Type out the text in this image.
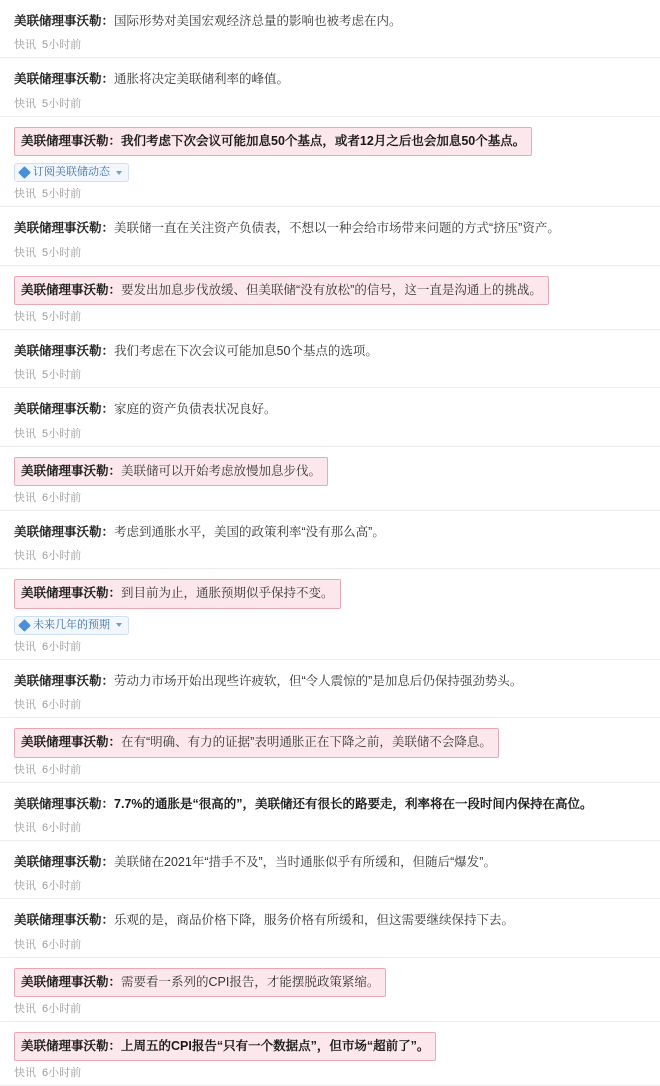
美联储理事沃勒：国际形势对美国宏观经济总量的影响也被考虑在内。
快讯 5小时前
美联储理事沃勒：通胀将决定美联储利率的峰值。
快讯 5小时前
美联储理事沃勒：我们考虑下次会议可能加息50个基点，或者12月之后也会加息50个基点。
订阅美联储动态
快讯 5小时前
美联储理事沃勒：美联储一直在关注资产负债表，不想以一种会给市场带来问题的方式“挤压”资产。
快讯 5小时前
美联储理事沃勒：要发出加息步伐放缓、但美联储“没有放松”的信号，这一直是沟通上的挑战。
快讯 5小时前
美联储理事沃勒：我们考虑在下次会议可能加息50个基点的选项。
快讯 5小时前
美联储理事沃勒：家庭的资产负债表状况良好。
快讯 5小时前
美联储理事沃勒：美联储可以开始考虑放慢加息步伐。
快讯 6小时前
美联储理事沃勒：考虑到通胀水平，美国的政策利率“没有那么高”。
快讯 6小时前
美联储理事沃勒：到目前为止，通胀预期似乎保持不变。
未来几年的预期
快讯 6小时前
美联储理事沃勒：劳动力市场开始出现些许疲软，但“令人震惊的”是加息后仍保持强劲势头。
快讯 6小时前
美联储理事沃勒：在有“明确、有力的证据”表明通胀正在下降之前，美联储不会降息。
快讯 6小时前
美联储理事沃勒：7.7%的通胀是“很高的”，美联储还有很长的路要走，利率将在一段时间内保持在高位。
快讯 6小时前
美联储理事沃勒：美联储在2021年“措手不及”，当时通胀似乎有所缓和，但随后“爆发”。
快讯 6小时前
美联储理事沃勒：乐观的是，商品价格下降，服务价格有所缓和，但这需要继续保持下去。
快讯 6小时前
美联储理事沃勒：需要看一系列的CPI报告，才能摆脱政策紧缩。
快讯 6小时前
美联储理事沃勒：上周五的CPI报告“只有一个数据点”，但市场“超前了”。
快讯 6小时前
